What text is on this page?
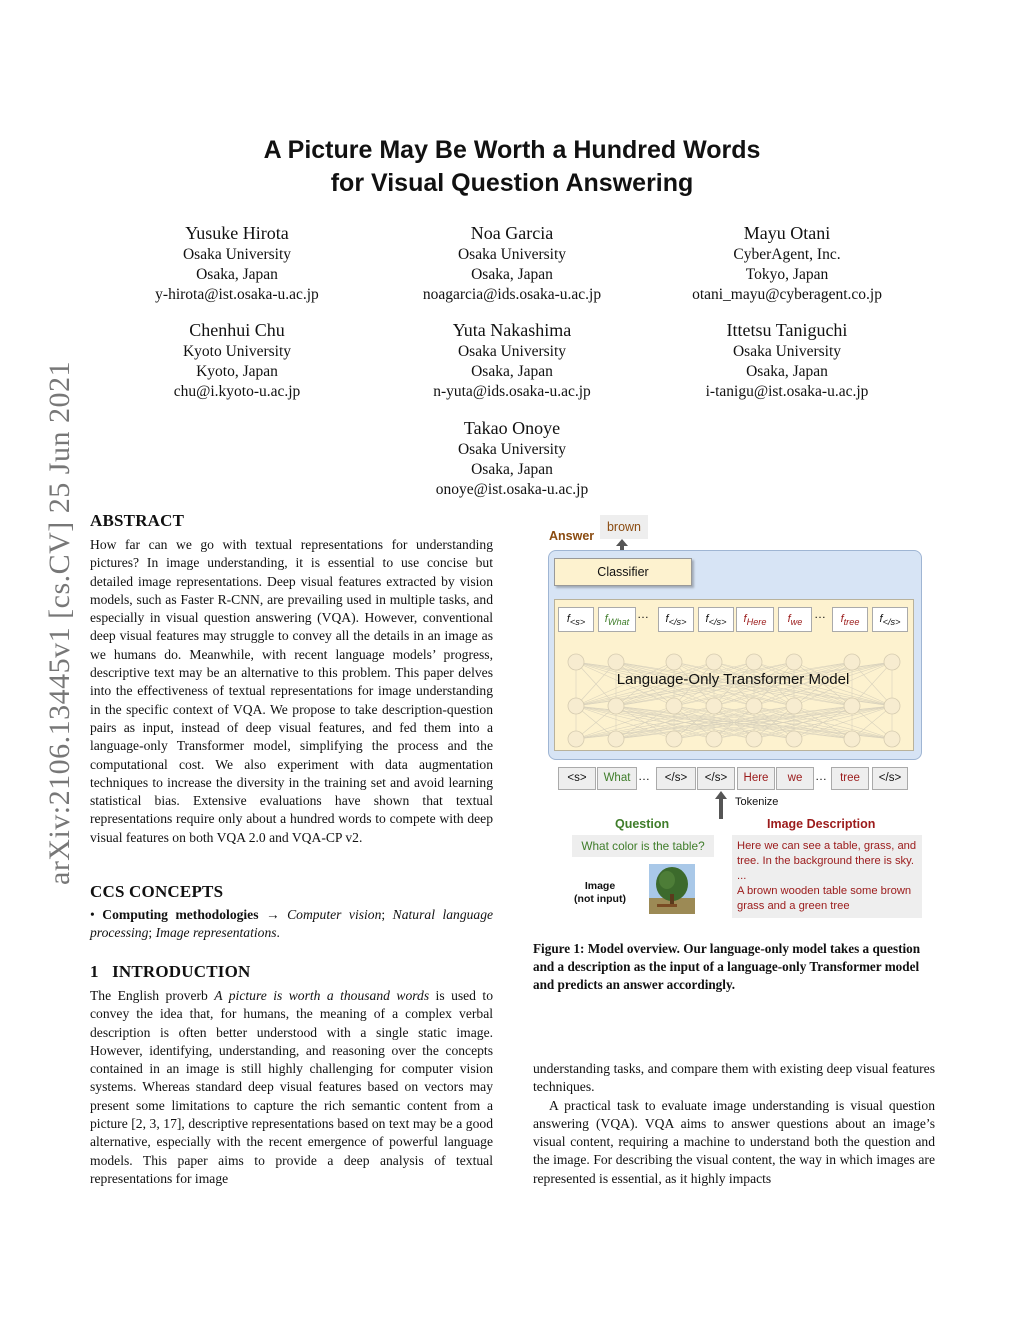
arXiv:2106.13445v1 [cs.CV] 25 Jun 2021
A Picture May Be Worth a Hundred Words
for Visual Question Answering
Yusuke Hirota
Osaka University
Osaka, Japan
y-hirota@ist.osaka-u.ac.jp
Noa Garcia
Osaka University
Osaka, Japan
noagarcia@ids.osaka-u.ac.jp
Mayu Otani
CyberAgent, Inc.
Tokyo, Japan
otani_mayu@cyberagent.co.jp
Chenhui Chu
Kyoto University
Kyoto, Japan
chu@i.kyoto-u.ac.jp
Yuta Nakashima
Osaka University
Osaka, Japan
n-yuta@ids.osaka-u.ac.jp
Ittetsu Taniguchi
Osaka University
Osaka, Japan
i-tanigu@ist.osaka-u.ac.jp
Takao Onoye
Osaka University
Osaka, Japan
onoye@ist.osaka-u.ac.jp
ABSTRACT

How far can we go with textual representations for understanding pictures? In image understanding, it is essential to use concise but detailed image representations. Deep visual features extracted by vision models, such as Faster R-CNN, are prevailing used in multiple tasks, and especially in visual question answering (VQA). However, conventional deep visual features may struggle to convey all the details in an image as we humans do. Meanwhile, with recent language models’ progress, descriptive text may be an alternative to this problem. This paper delves into the effectiveness of textual representations for image understanding in the specific context of VQA. We propose to take description-question pairs as input, instead of deep visual features, and fed them into a language-only Transformer model, simplifying the process and the computational cost. We also experiment with data augmentation techniques to increase the diversity in the training set and avoid learning statistical bias. Extensive evaluations have shown that textual representations require only about a hundred words to compete with deep visual features on both VQA 2.0 and VQA-CP v2.

CCS CONCEPTS

• Computing methodologies → Computer vision; Natural language processing; Image representations.

1 INTRODUCTION

The English proverb A picture is worth a thousand words is used to convey the idea that, for humans, the meaning of a complex verbal description is often better understood with a single static image. However, identifying, understanding, and reasoning over the concepts contained in an image is still highly challenging for computer vision systems. Whereas standard deep visual features based on vectors may present some limitations to capture the rich semantic content from a picture [2, 3, 17], descriptive representations based on text may be a good alternative, especially with the recent emergence of powerful language models. This paper aims to provide a deep analysis of textual representations for image

understanding tasks, and compare them with existing deep visual features techniques.

A practical task to evaluate image understanding is visual question answering (VQA). VQA aims to answer questions about an image’s visual content, requiring a machine to understand both the question and the image. For describing the visual content, the way in which images are represented is essential, as it highly impacts

Answer
brown
Classifier
Language-Only Transformer Model
$f_{<s>}$	$f_{What}$
…	$f_{</s>}$	$f_{</s>}$	$f_{Here}$	$f_{we}$
…	$f_{tree}$	$f_{</s>}$
<s>	What …	</s>	</s>	Here	we	…	tree	</s>
Tokenize
Question
What color is the table?
Image
(not input)
Image Description
Here we can see a table, grass, and tree. In the background there is sky. ...
A brown wooden table some brown grass and a green tree
Figure 1: Model overview. Our language-only model takes a question and a description as the input of a language-only Transformer model and predicts an answer accordingly.
